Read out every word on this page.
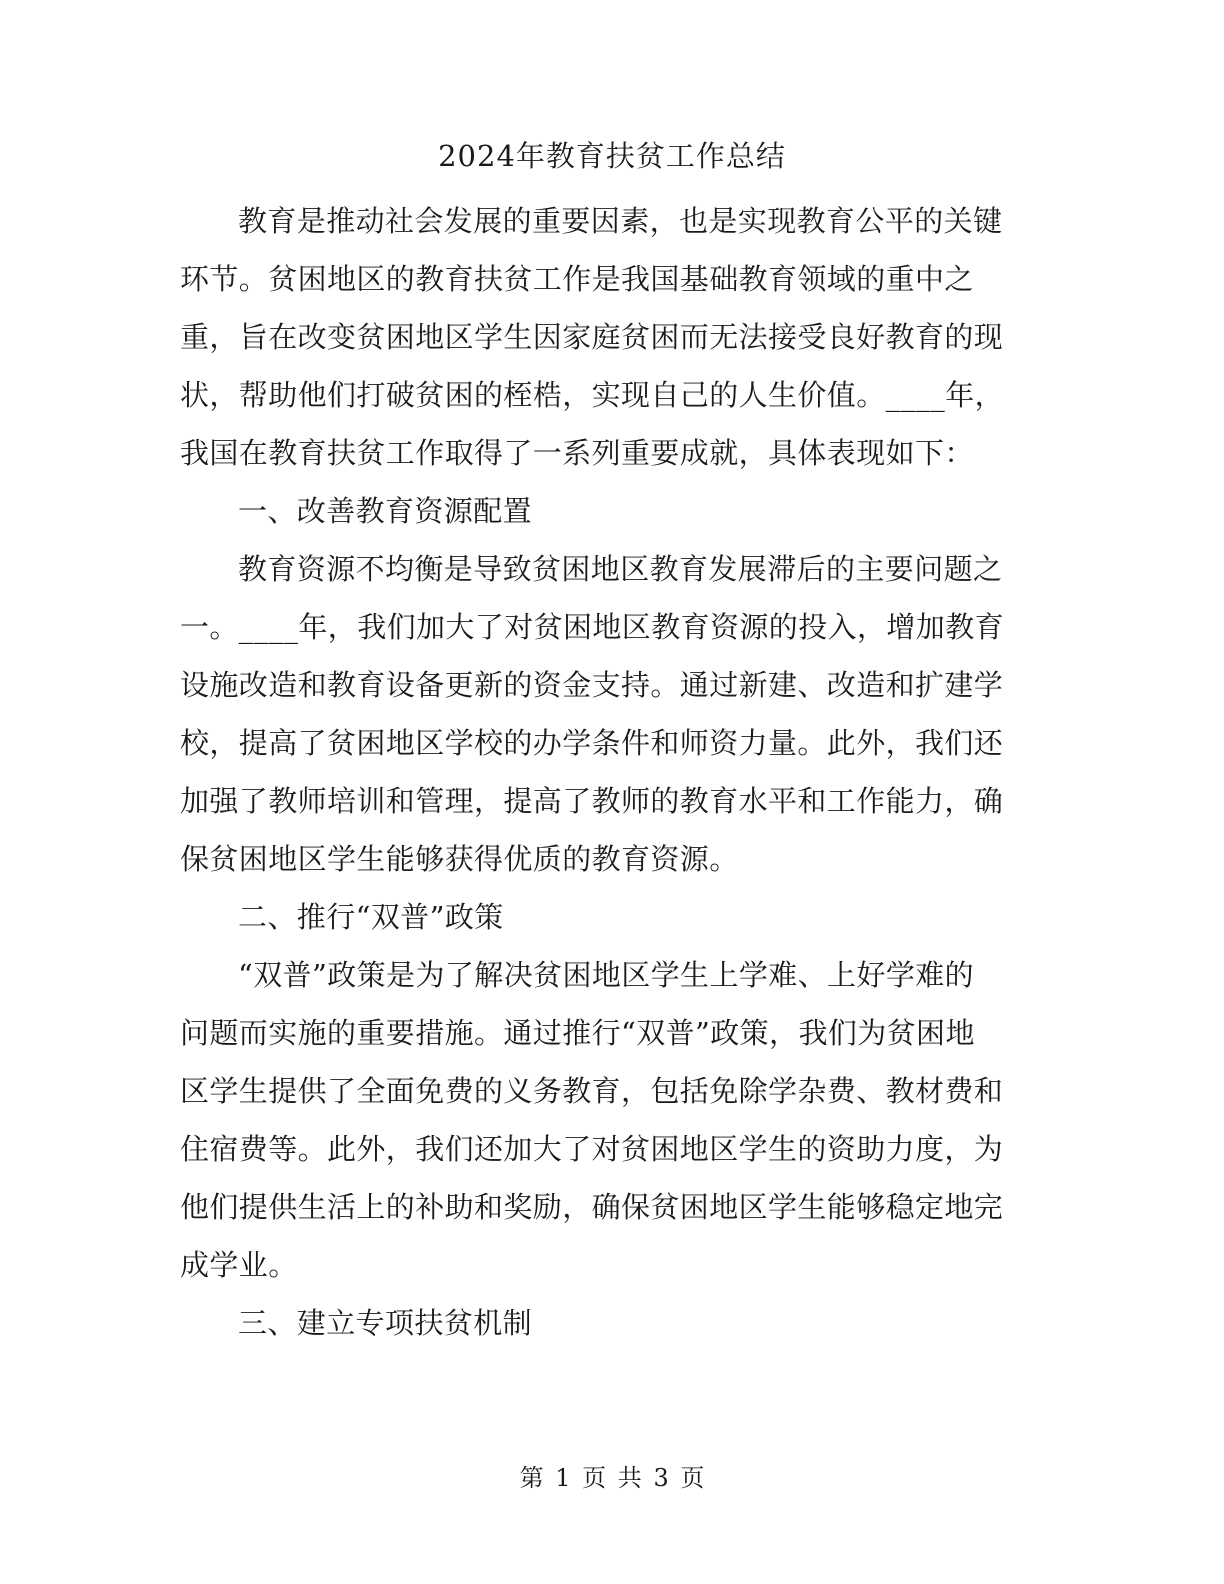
2024年教育扶贫工作总结
教育是推动社会发展的重要因素，也是实现教育公平的关键
环节。贫困地区的教育扶贫工作是我国基础教育领域的重中之
重，旨在改变贫困地区学生因家庭贫困而无法接受良好教育的现
状，帮助他们打破贫困的桎梏，实现自己的人生价值。____年，
我国在教育扶贫工作取得了一系列重要成就，具体表现如下：
一、改善教育资源配置
教育资源不均衡是导致贫困地区教育发展滞后的主要问题之
一。____年，我们加大了对贫困地区教育资源的投入，增加教育
设施改造和教育设备更新的资金支持。通过新建、改造和扩建学
校，提高了贫困地区学校的办学条件和师资力量。此外，我们还
加强了教师培训和管理，提高了教师的教育水平和工作能力，确
保贫困地区学生能够获得优质的教育资源。
二、推行“双普”政策
“双普”政策是为了解决贫困地区学生上学难、上好学难的
问题而实施的重要措施。通过推行“双普”政策，我们为贫困地
区学生提供了全面免费的义务教育，包括免除学杂费、教材费和
住宿费等。此外，我们还加大了对贫困地区学生的资助力度，为
他们提供生活上的补助和奖励，确保贫困地区学生能够稳定地完
成学业。
三、建立专项扶贫机制
第 1 页 共 3 页
